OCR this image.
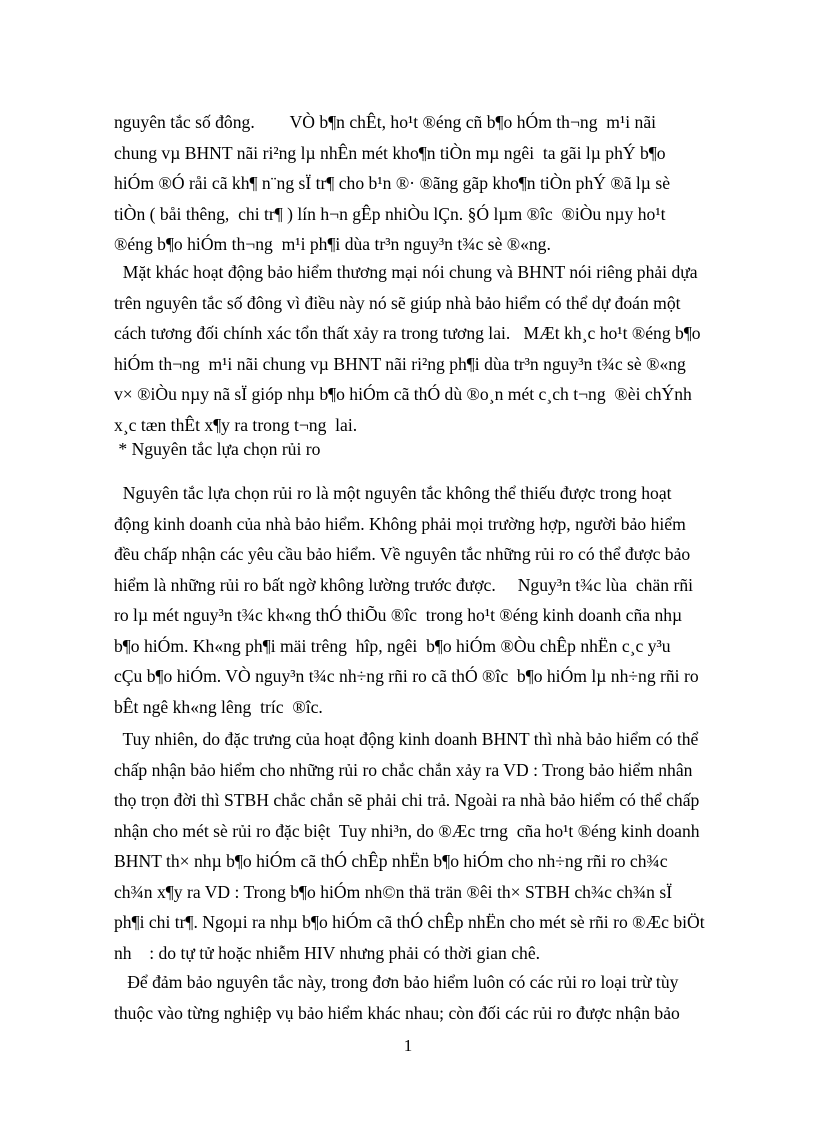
nguyên tắc số đông.        VÒ b¶n chÊt, ho¹t ®éng cñ b¶o hÓm th¬ng  m¹i nãi
chung vµ BHNT nãi ri²ng lµ nhÊn mét kho¶n tiÒn mµ ngêi  ta gãi lµ phÝ b¶o
hiÓm ®Ó råi cã kh¶ n¨ng sÏ tr¶ cho b¹n ®· ®ãng gãp kho¶n tiÒn phÝ ®ã lµ sè
tiÒn ( båi thêng,  chi tr¶ ) lín h¬n gÊp nhiÒu lÇn. §Ó lµm ®îc  ®iÒu nµy ho¹t
®éng b¶o hiÓm th¬ng  m¹i ph¶i dùa tr³n nguy³n t¾c sè ®«ng.
Mặt khác hoạt động bảo hiểm thương mại nói chung và BHNT nói riêng phải dựa
trên nguyên tắc số đông vì điều này nó sẽ giúp nhà bảo hiểm có thể dự đoán một
cách tương đối chính xác tổn thất xảy ra trong tương lai.   MÆt kh¸c ho¹t ®éng b¶o
hiÓm th¬ng  m¹i nãi chung vµ BHNT nãi ri²ng ph¶i dùa tr³n nguy³n t¾c sè ®«ng
v× ®iÒu nµy nã sÏ gióp nhµ b¶o hiÓm cã thÓ dù ®o¸n mét c¸ch t¬ng  ®èi chÝnh
x¸c tæn thÊt x¶y ra trong t¬ng  lai.
* Nguyên tắc lựa chọn rủi ro
Nguyên tắc lựa chọn rủi ro là một nguyên tắc không thể thiếu được trong hoạt
động kinh doanh của nhà bảo hiểm. Không phải mọi trường hợp, người bảo hiểm
đều chấp nhận các yêu cầu bảo hiểm. Về nguyên tắc những rủi ro có thể được bảo
hiểm là những rủi ro bất ngờ không lường trước được.     Nguy³n t¾c lùa  chän rñi
ro lµ mét nguy³n t¾c kh«ng thÓ thiÕu ®îc  trong ho¹t ®éng kinh doanh cña nhµ
b¶o hiÓm. Kh«ng ph¶i mäi trêng  hîp, ngêi  b¶o hiÓm ®Òu chÊp nhËn c¸c y³u
cÇu b¶o hiÓm. VÒ nguy³n t¾c nh÷ng rñi ro cã thÓ ®îc  b¶o hiÓm lµ nh÷ng rñi ro
bÊt ngê kh«ng lêng  tríc  ®îc.
Tuy nhiên, do đặc trưng của hoạt động kinh doanh BHNT thì nhà bảo hiểm có thể
chấp nhận bảo hiểm cho những rủi ro chắc chắn xảy ra VD : Trong bảo hiểm nhân
thọ trọn đời thì STBH chắc chắn sẽ phải chi trả. Ngoài ra nhà bảo hiểm có thể chấp
nhận cho mét sè rủi ro đặc biệt  Tuy nhi³n, do ®Æc trng  cña ho¹t ®éng kinh doanh
BHNT th× nhµ b¶o hiÓm cã thÓ chÊp nhËn b¶o hiÓm cho nh÷ng rñi ro ch¾c
ch¾n x¶y ra VD : Trong b¶o hiÓm nh©n thä trän ®êi th× STBH ch¾c ch¾n sÏ
ph¶i chi tr¶. Ngoµi ra nhµ b¶o hiÓm cã thÓ chÊp nhËn cho mét sè rñi ro ®Æc biÖt
nh    : do tự tử hoặc nhiễm HIV nhưng phải có thời gian chê.
Để đảm bảo nguyên tắc này, trong đơn bảo hiểm luôn có các rủi ro loại trừ tùy
thuộc vào từng nghiệp vụ bảo hiểm khác nhau; còn đối các rủi ro được nhận bảo
1
